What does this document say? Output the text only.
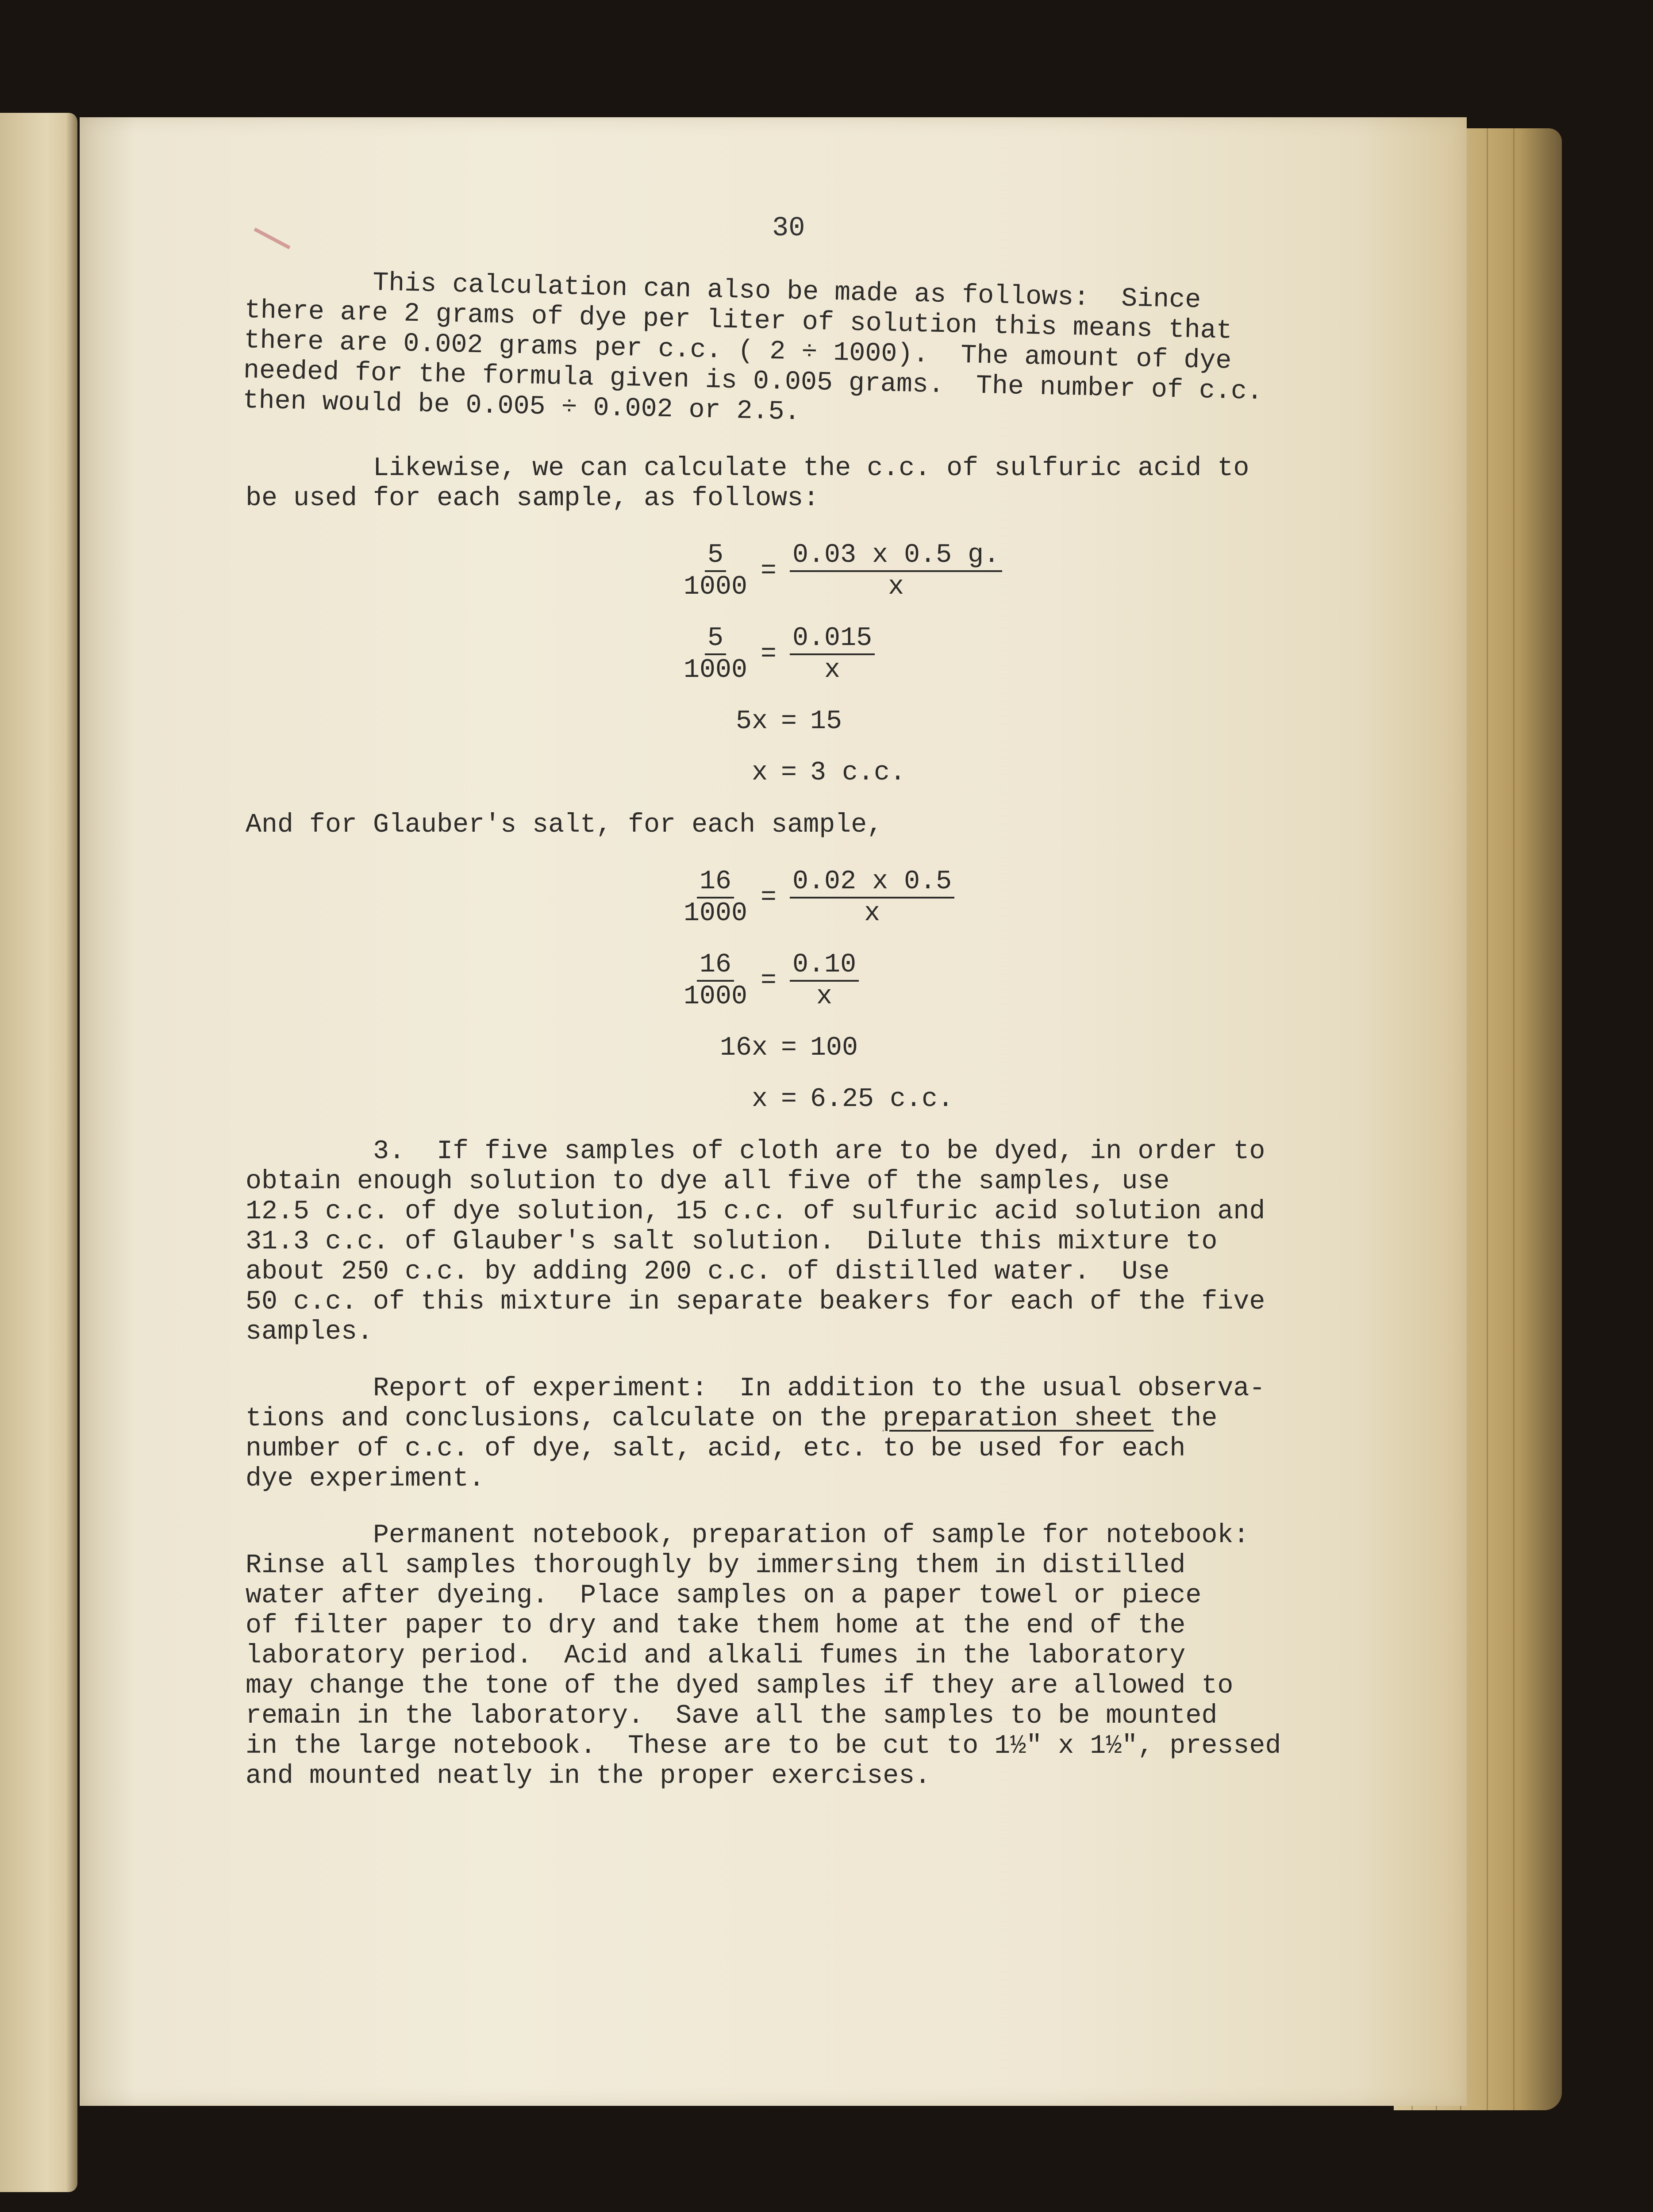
30

This calculation can also be made as follows:  Since
there are 2 grams of dye per liter of solution this means that
there are 0.002 grams per c.c. ( 2 ÷ 1000).  The amount of dye
needed for the formula given is 0.005 grams.  The number of c.c.
then would be 0.005 ÷ 0.002 or 2.5.

Likewise, we can calculate the c.c. of sulfuric acid to
be used for each sample, as follows:

$\frac{5}{1000} = \frac{0.03 x 0.5 g.}{x}$
$\frac{5}{1000} = \frac{0.015}{x}$
5x = 15
x = 3 c.c.

And for Glauber's salt, for each sample,

$\frac{16}{1000} = \frac{0.02 x 0.5}{x}$
$\frac{16}{1000} = \frac{0.10}{x}$
16x = 100
x = 6.25 c.c.

3.  If five samples of cloth are to be dyed, in order to
obtain enough solution to dye all five of the samples, use
12.5 c.c. of dye solution, 15 c.c. of sulfuric acid solution and
31.3 c.c. of Glauber's salt solution.  Dilute this mixture to
about 250 c.c. by adding 200 c.c. of distilled water.  Use
50 c.c. of this mixture in separate beakers for each of the five
samples.

Report of experiment:  In addition to the usual observa-

tions and conclusions, calculate on the preparation sheet the

number of c.c. of dye, salt, acid, etc. to be used for each
dye experiment.

Permanent notebook, preparation of sample for notebook:
Rinse all samples thoroughly by immersing them in distilled
water after dyeing.  Place samples on a paper towel or piece
of filter paper to dry and take them home at the end of the
laboratory period.  Acid and alkali fumes in the laboratory
may change the tone of the dyed samples if they are allowed to
remain in the laboratory.  Save all the samples to be mounted
in the large notebook.  These are to be cut to 1½" x 1½", pressed
and mounted neatly in the proper exercises.
